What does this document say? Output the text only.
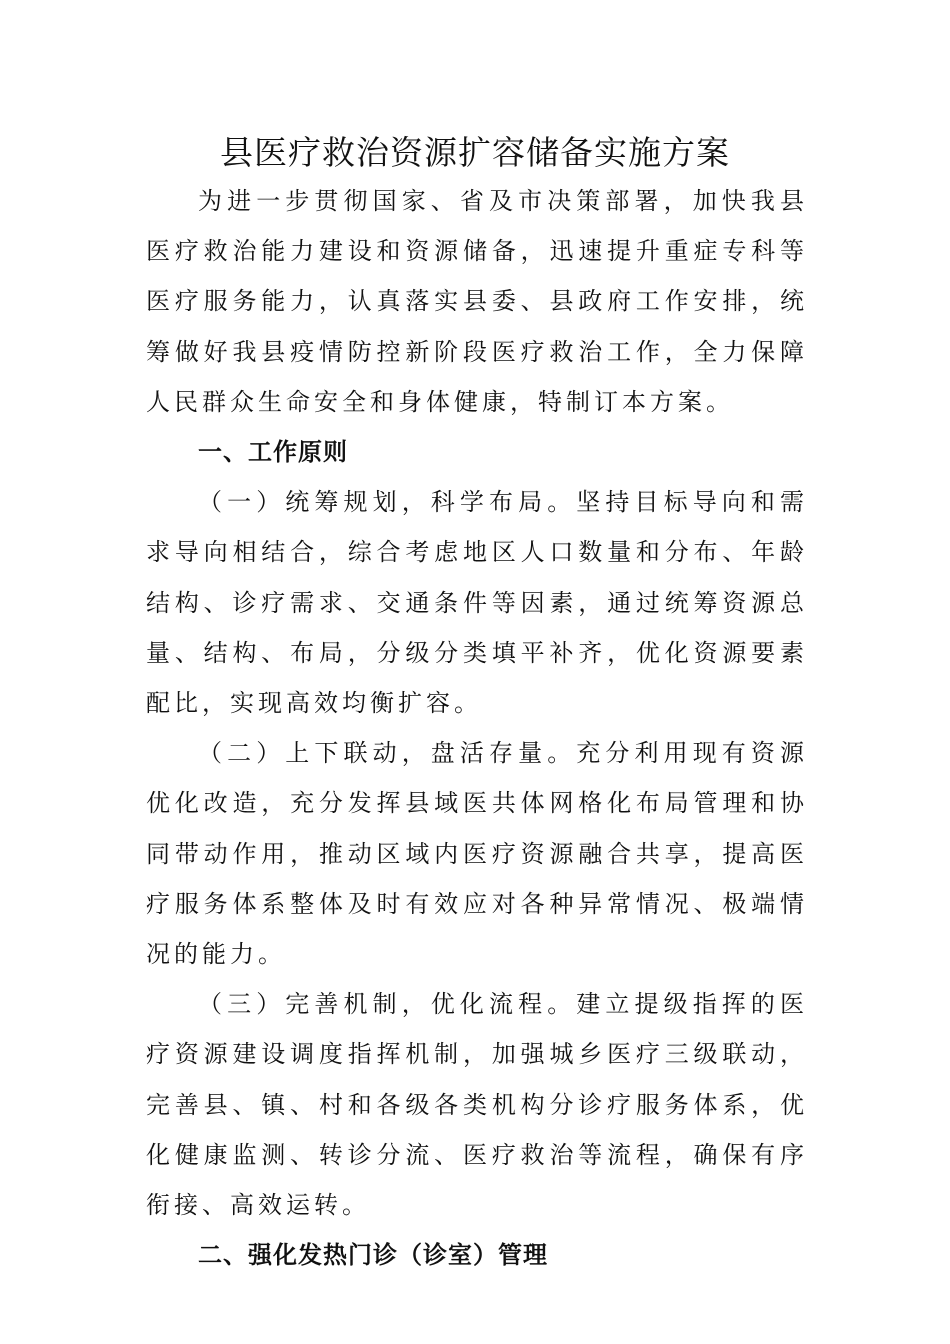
县医疗救治资源扩容储备实施方案

为进一步贯彻国家、省及市决策部署，加快我县医疗救治能力建设和资源储备，迅速提升重症专科等医疗服务能力，认真落实县委、县政府工作安排，统筹做好我县疫情防控新阶段医疗救治工作，全力保障人民群众生命安全和身体健康，特制订本方案。

一、工作原则

（一）统筹规划，科学布局。坚持目标导向和需求导向相结合，综合考虑地区人口数量和分布、年龄结构、诊疗需求、交通条件等因素，通过统筹资源总量、结构、布局，分级分类填平补齐，优化资源要素配比，实现高效均衡扩容。

（二）上下联动，盘活存量。充分利用现有资源优化改造，充分发挥县域医共体网格化布局管理和协同带动作用，推动区域内医疗资源融合共享，提高医疗服务体系整体及时有效应对各种异常情况、极端情况的能力。

（三）完善机制，优化流程。建立提级指挥的医疗资源建设调度指挥机制，加强城乡医疗三级联动，完善县、镇、村和各级各类机构分诊疗服务体系，优化健康监测、转诊分流、医疗救治等流程，确保有序衔接、高效运转。

二、强化发热门诊（诊室）管理
